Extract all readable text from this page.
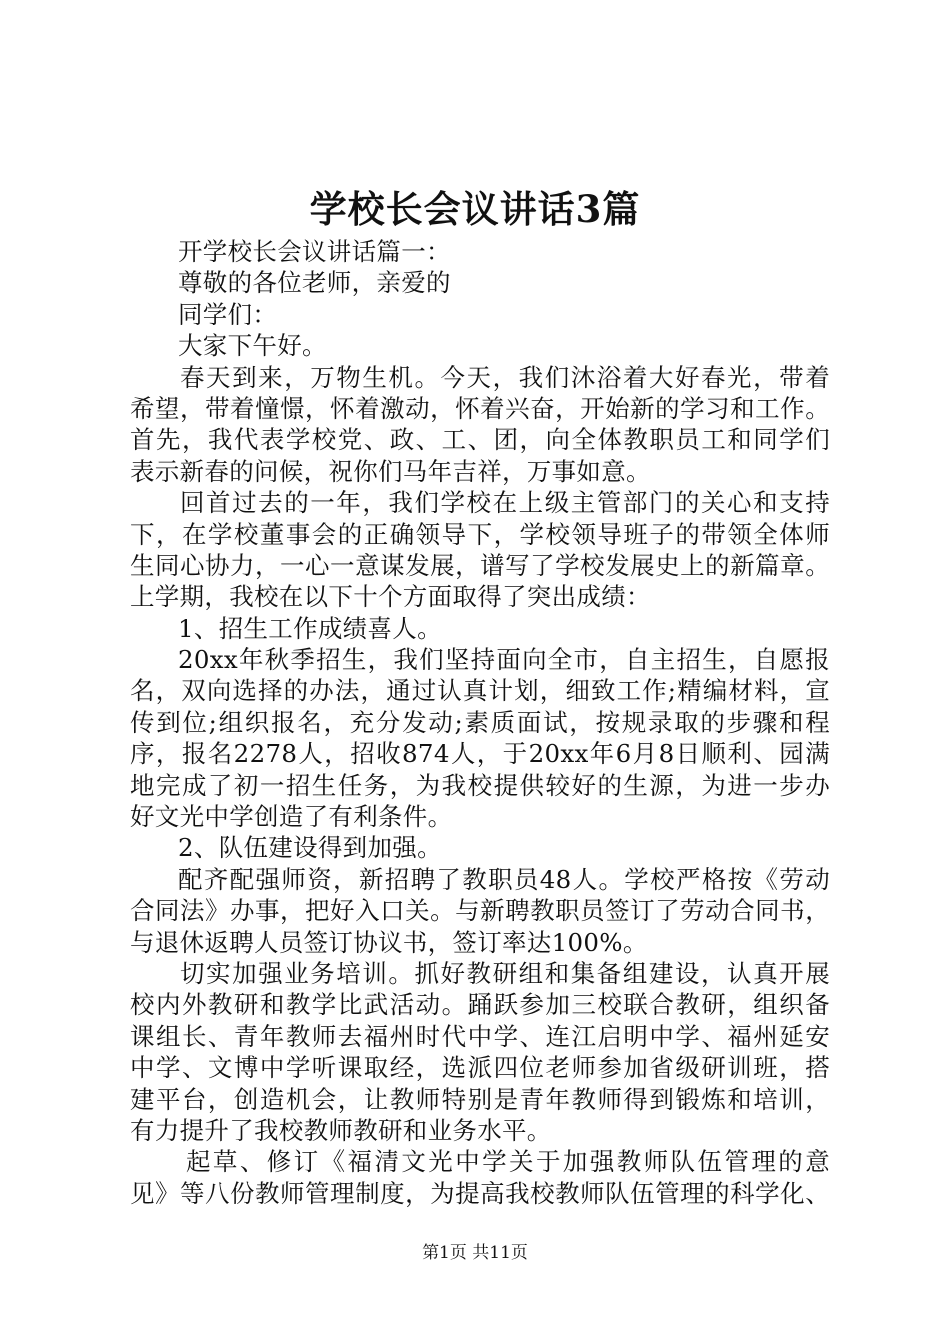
学校长会议讲话3篇
开学校长会议讲话篇一：
尊敬的各位老师，亲爱的
同学们：
大家下午好。
春天到来，万物生机。今天，我们沐浴着大好春光，带着
希望，带着憧憬，怀着激动，怀着兴奋，开始新的学习和工作。
首先，我代表学校党、政、工、团，向全体教职员工和同学们
表示新春的问候，祝你们马年吉祥，万事如意。
回首过去的一年，我们学校在上级主管部门的关心和支持
下，在学校董事会的正确领导下，学校领导班子的带领全体师
生同心协力，一心一意谋发展，谱写了学校发展史上的新篇章。
上学期，我校在以下十个方面取得了突出成绩：
1、招生工作成绩喜人。
20xx年秋季招生，我们坚持面向全市，自主招生，自愿报
名，双向选择的办法，通过认真计划，细致工作;精编材料，宣
传到位;组织报名，充分发动;素质面试，按规录取的步骤和程
序，报名2278人，招收874人，于20xx年6月8日顺利、园满
地完成了初一招生任务，为我校提供较好的生源，为进一步办
好文光中学创造了有利条件。
2、队伍建设得到加强。
配齐配强师资，新招聘了教职员48人。学校严格按《劳动
合同法》办事，把好入口关。与新聘教职员签订了劳动合同书，
与退休返聘人员签订协议书，签订率达100%。
切实加强业务培训。抓好教研组和集备组建设，认真开展
校内外教研和教学比武活动。踊跃参加三校联合教研，组织备
课组长、青年教师去福州时代中学、连江启明中学、福州延安
中学、文博中学听课取经，选派四位老师参加省级研训班，搭
建平台，创造机会，让教师特别是青年教师得到锻炼和培训，
有力提升了我校教师教研和业务水平。
起草、修订《福清文光中学关于加强教师队伍管理的意
见》等八份教师管理制度，为提高我校教师队伍管理的科学化、
第1页 共11页
